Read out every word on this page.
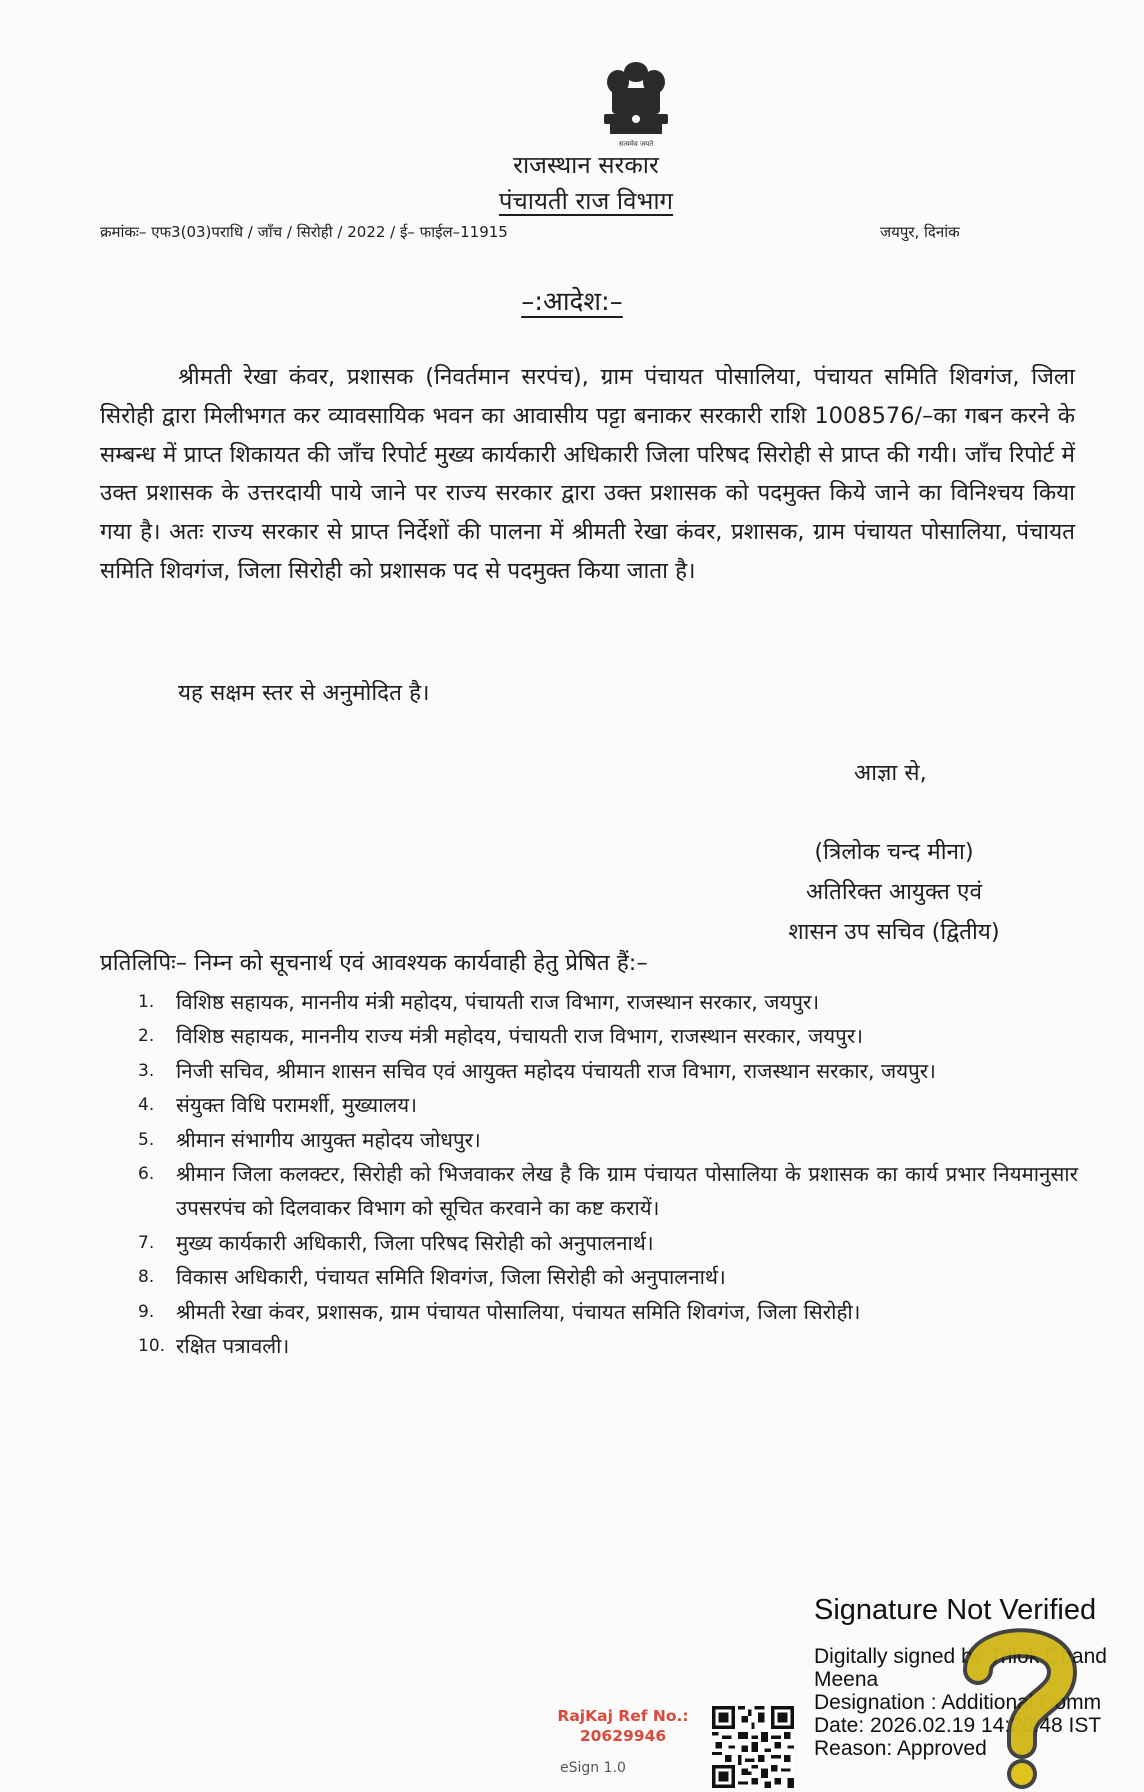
सत्यमेव जयते
राजस्थान सरकार
पंचायती राज विभाग
क्रमांकः– एफ3(03)पराधि / जाँच / सिरोही / 2022 / ई– फाईल–11915	जयपुर, दिनांक
–:आदेश:–

श्रीमती रेखा कंवर, प्रशासक (निवर्तमान सरपंच), ग्राम पंचायत पोसालिया, पंचायत समिति शिवगंज, जिला सिरोही द्वारा मिलीभगत कर व्यावसायिक भवन का आवासीय पट्टा बनाकर सरकारी राशि 1008576/–का गबन करने के सम्बन्ध में प्राप्त शिकायत की जाँच रिपोर्ट मुख्य कार्यकारी अधिकारी जिला परिषद सिरोही से प्राप्त की गयी। जाँच रिपोर्ट में उक्त प्रशासक के उत्तरदायी पाये जाने पर राज्य सरकार द्वारा उक्त प्रशासक को पदमुक्त किये जाने का विनिश्चय किया गया है। अतः राज्य सरकार से प्राप्त निर्देशों की पालना में श्रीमती रेखा कंवर, प्रशासक, ग्राम पंचायत पोसालिया, पंचायत समिति शिवगंज, जिला सिरोही को प्रशासक पद से पदमुक्त किया जाता है।

यह सक्षम स्तर से अनुमोदित है।
आज्ञा से,
(त्रिलोक चन्द मीना)
अतिरिक्त आयुक्त एवं
शासन उप सचिव (द्वितीय)
प्रतिलिपिः– निम्न को सूचनार्थ एवं आवश्यक कार्यवाही हेतु प्रेषित हैं:–
1.	विशिष्ठ सहायक, माननीय मंत्री महोदय, पंचायती राज विभाग, राजस्थान सरकार, जयपुर।
2.	विशिष्ठ सहायक, माननीय राज्य मंत्री महोदय, पंचायती राज विभाग, राजस्थान सरकार, जयपुर।
3.	निजी सचिव, श्रीमान शासन सचिव एवं आयुक्त महोदय पंचायती राज विभाग, राजस्थान सरकार, जयपुर।
4.	संयुक्त विधि परामर्शी, मुख्यालय।
5.	श्रीमान संभागीय आयुक्त महोदय जोधपुर।
6.	श्रीमान जिला कलक्टर, सिरोही को भिजवाकर लेख है कि ग्राम पंचायत पोसालिया के प्रशासक का कार्य प्रभार नियमानुसार उपसरपंच को दिलवाकर विभाग को सूचित करवाने का कष्ट करायें।
7.	मुख्य कार्यकारी अधिकारी, जिला परिषद सिरोही को अनुपालनार्थ।
8.	विकास अधिकारी, पंचायत समिति शिवगंज, जिला सिरोही को अनुपालनार्थ।
9.	श्रीमती रेखा कंवर, प्रशासक, ग्राम पंचायत पोसालिया, पंचायत समिति शिवगंज, जिला सिरोही।
10. रक्षित पत्रावली।
RajKaj Ref No.:
20629946
eSign 1.0
Signature Not Verified
Digitally signed by Trilok Chand
Meena
Designation : Additional Comm
Date: 2026.02.19 14:28:48 IST
Reason: Approved
